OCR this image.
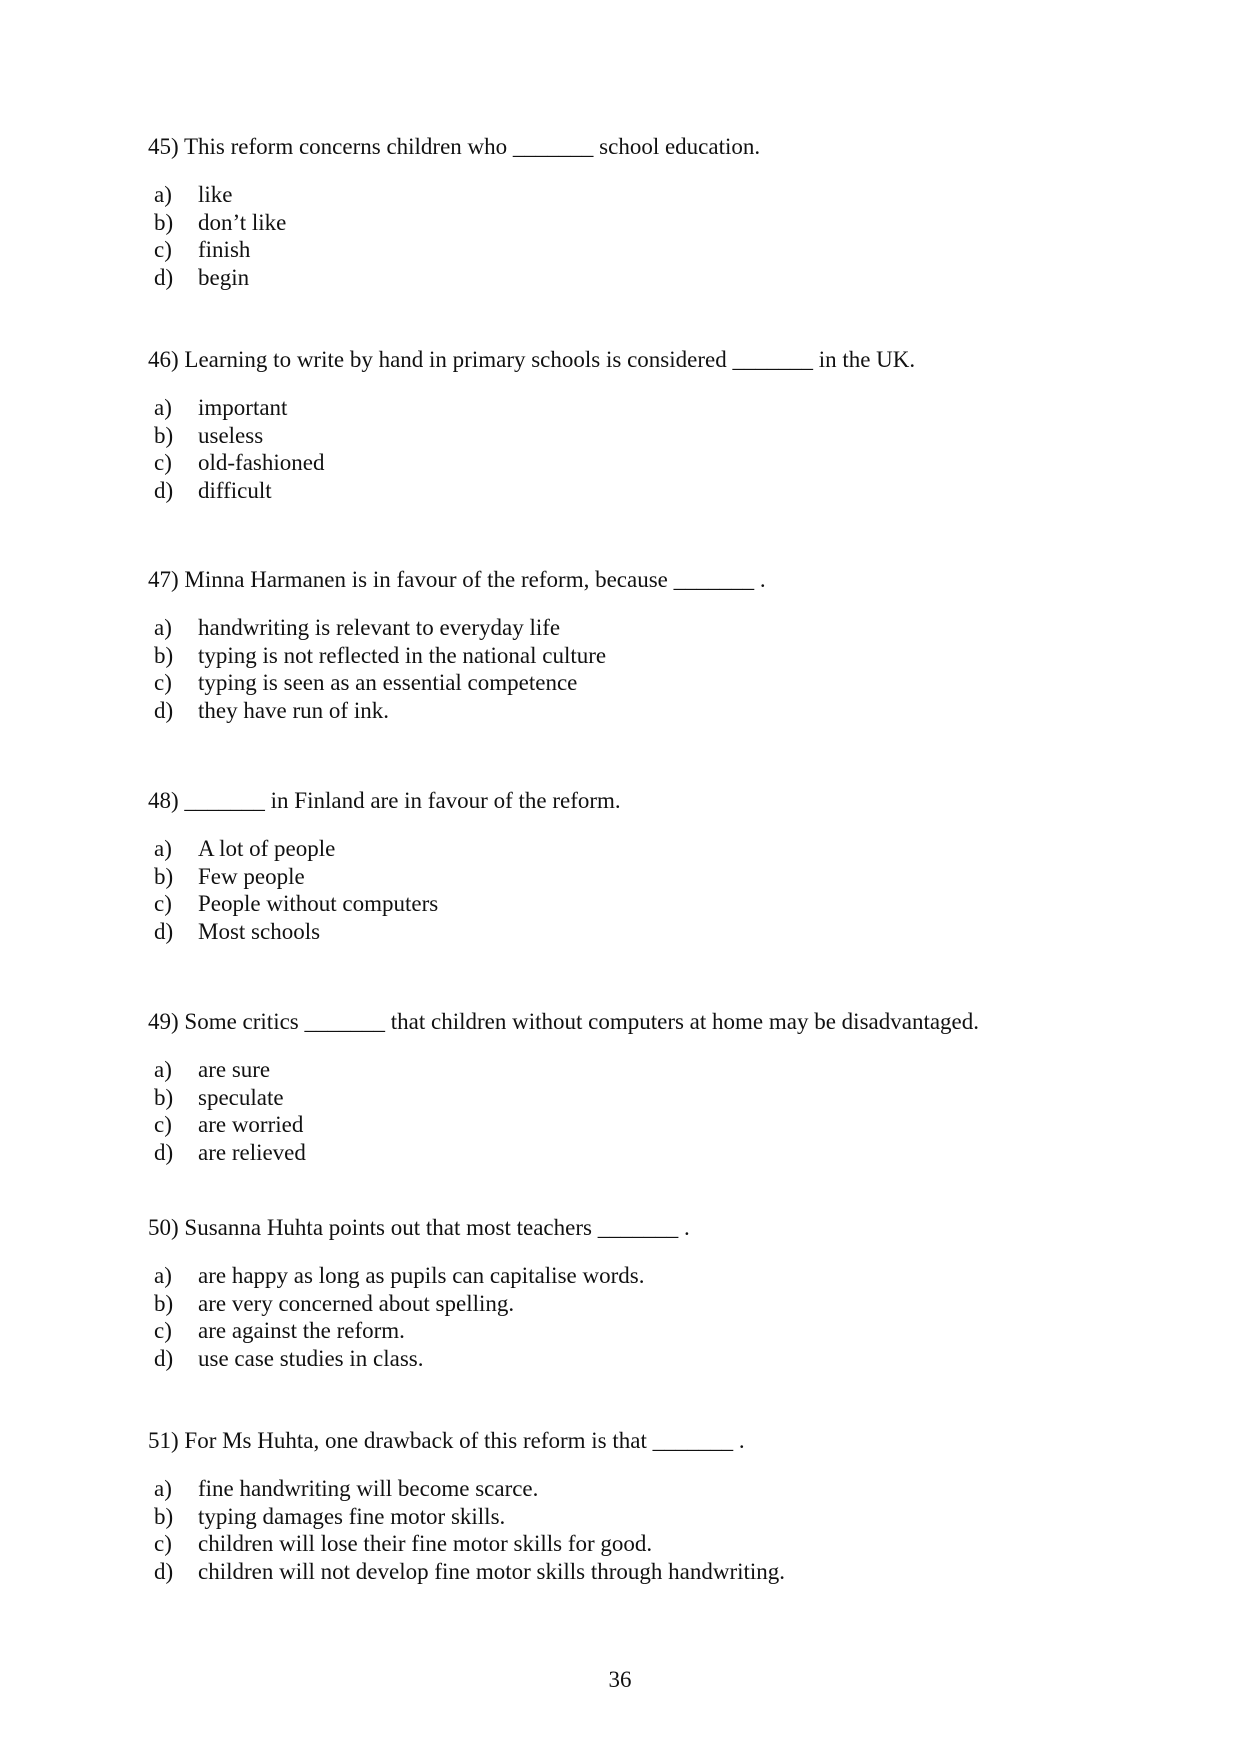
45) This reform concerns children who _______ school education.

a)	like
b)	don’t like
c)	finish
d)	begin

46) Learning to write by hand in primary schools is considered _______ in the UK.

a)	important
b)	useless
c)	old-fashioned
d)	difficult

47) Minna Harmanen is in favour of the reform, because _______ .

a)	handwriting is relevant to everyday life
b)	typing is not reflected in the national culture
c)	typing is seen as an essential competence
d)	they have run of ink.

48) _______ in Finland are in favour of the reform.

a)	A lot of people
b)	Few people
c)	People without computers
d)	Most schools

49) Some critics _______ that children without computers at home may be disadvantaged.

a)	are sure
b)	speculate
c)	are worried
d)	are relieved

50) Susanna Huhta points out that most teachers _______ .

a)	are happy as long as pupils can capitalise words.
b)	are very concerned about spelling.
c)	are against the reform.
d)	use case studies in class.

51) For Ms Huhta, one drawback of this reform is that _______ .

a)	fine handwriting will become scarce.
b)	typing damages fine motor skills.
c)	children will lose their fine motor skills for good.
d)	children will not develop fine motor skills through handwriting.
36
